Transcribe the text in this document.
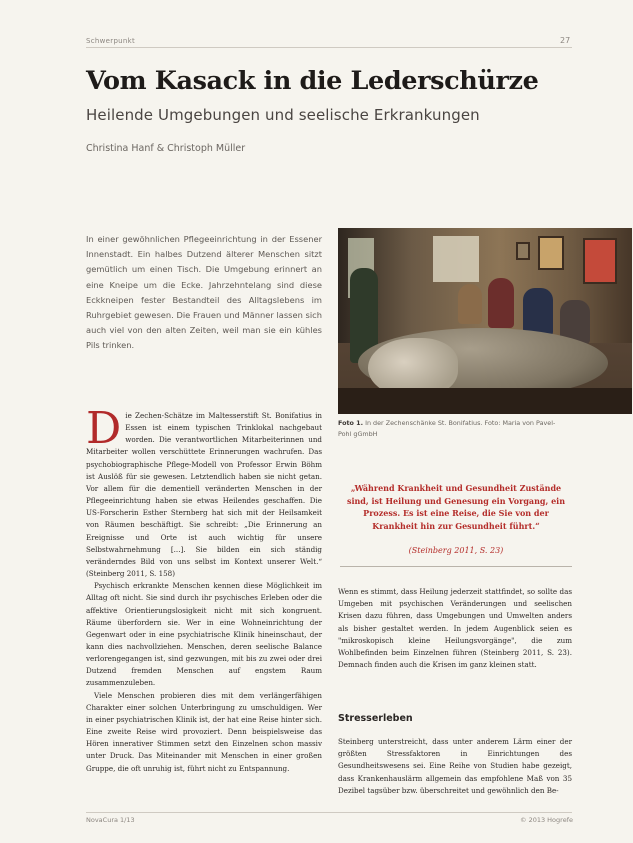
Schwerpunkt	27
Vom Kasack in die Lederschürze
Heilende Umgebungen und seelische Erkrankungen
Christina Hanf & Christoph Müller
In einer gewöhnlichen Pflegeeinrichtung in der Essener Innenstadt. Ein halbes Dutzend älterer Menschen sitzt gemütlich um einen Tisch. Die Umgebung erinnert an eine Kneipe um die Ecke. Jahrzehntelang sind diese Eckkneipen fester Bestandteil des Alltagslebens im Ruhrgebiet gewesen. Die Frauen und Männer lassen sich auch viel von den alten Zeiten, weil man sie ein kühles Pils trinken.

Die Zechen-Schätze im Maltesserstift St. Bonifatius in Essen ist einem typischen Trinklokal nachgebaut worden. Die verantwortlichen Mitarbeiterinnen und Mitarbeiter wollen verschüttete Erinnerungen wachrufen. Das psychobiographische Pflege-Modell von Professor Erwin Böhm ist Auslöß für sie gewesen. Letztendlich haben sie nicht getan. Vor allem für die dementiell veränderten Menschen in der Pflegeeinrichtung haben sie etwas Heilendes geschaffen. Die US-Forscherin Esther Sternberg hat sich mit der Heilsamkeit von Räumen beschäftigt. Sie schreibt: „Die Erinnerung an Ereignisse und Orte ist auch wichtig für unsere Selbstwahrnehmung [...]. Sie bilden ein sich ständig veränderndes Bild von uns selbst im Kontext unserer Welt.“ (Steinberg 2011, S. 158)

Psychisch erkrankte Menschen kennen diese Möglichkeit im Alltag oft nicht. Sie sind durch ihr psychisches Erleben oder die affektive Orientierungslosigkeit nicht mit sich kongruent. Räume überfordern sie. Wer in eine Wohneinrichtung der Gegenwart oder in eine psychiatrische Klinik hineinschaut, der kann dies nachvollziehen. Menschen, deren seelische Balance verlorengegangen ist, sind gezwungen, mit bis zu zwei oder drei Dutzend fremden Menschen auf engstem Raum zusammenzuleben.

Viele Menschen probieren dies mit dem verlängerfähigen Charakter einer solchen Unterbringung zu umschuldigen. Wer in einer psychiatrischen Klinik ist, der hat eine Reise hinter sich. Eine zweite Reise wird provoziert. Denn beispielsweise das Hören innerativer Stimmen setzt den Einzelnen schon massiv unter Druck. Das Miteinander mit Menschen in einer großen Gruppe, die oft unruhig ist, führt nicht zu Entspannung.

Foto 1. In der Zechenschänke St. Bonifatius. Foto: Maria von Pavel-Pohl gGmbH
„Während Krankheit und Gesundheit Zustände sind, ist Heilung und Genesung ein Vorgang, ein Prozess. Es ist eine Reise, die Sie von der Krankheit hin zur Gesundheit führt.“
(Steinberg 2011, S. 23)

Wenn es stimmt, dass Heilung jederzeit stattfindet, so sollte das Umgeben mit psychischen Veränderungen und seelischen Krisen dazu führen, dass Umgebungen und Umwelten anders als bisher gestaltet werden. In jedem Augenblick seien es "mikroskopisch kleine Heilungsvorgänge", die zum Wohlbefinden beim Einzelnen führen (Steinberg 2011, S. 23). Demnach finden auch die Krisen im ganz kleinen statt.

Stresserleben

Steinberg unterstreicht, dass unter anderem Lärm einer der größten Stressfaktoren in Einrichtungen des Gesundheitswesens sei. Eine Reihe von Studien habe gezeigt, dass Krankenhauslärm allgemein das empfohlene Maß von 35 Dezibel tagsüber bzw. überschreitet und gewöhnlich den Be-

NovaCura 1/13	© 2013 Hogrefe
